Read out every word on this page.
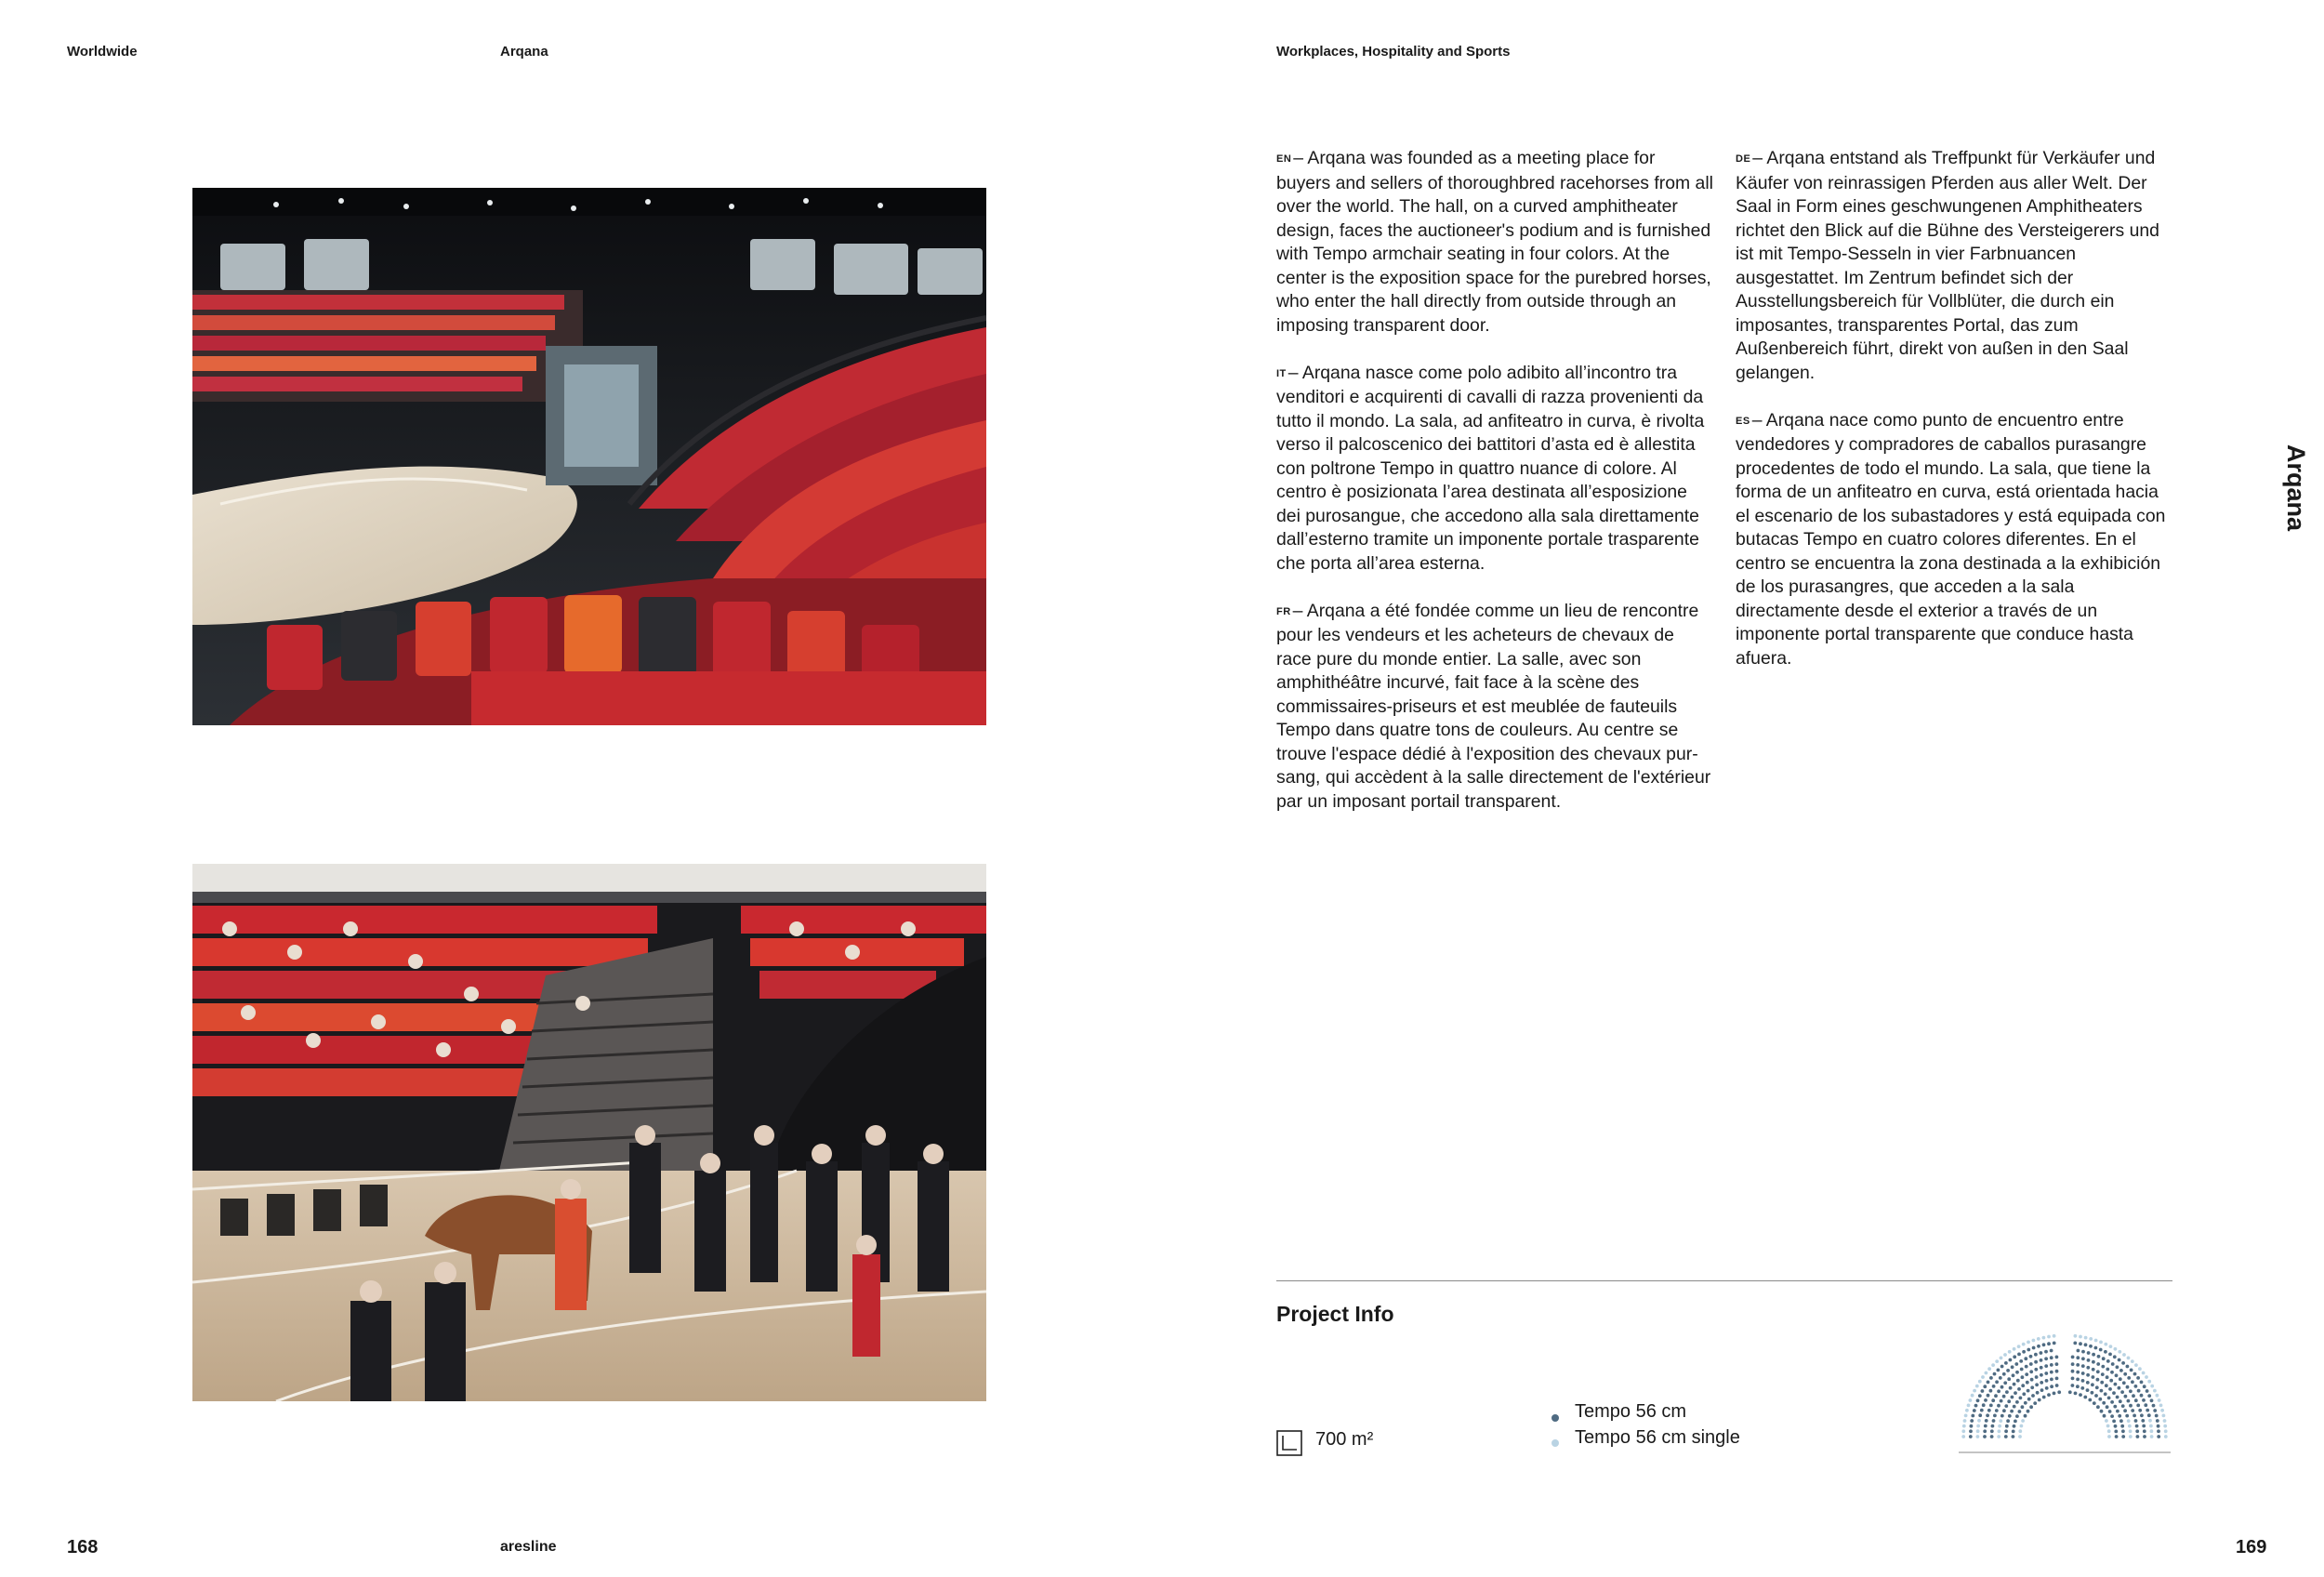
Worldwide	Arqana	Workplaces, Hospitality and Sports

EN – Arqana was founded as a meeting place for buyers and sellers of thoroughbred racehorses from all over the world. The hall, on a curved amphitheater design, faces the auctioneer's podium and is furnished with Tempo armchair seating in four colors. At the center is the exposition space for the purebred horses, who enter the hall directly from outside through an imposing transparent door.

IT – Arqana nasce come polo adibito all’incontro tra venditori e acquirenti di cavalli di razza provenienti da tutto il mondo. La sala, ad anfiteatro in curva, è rivolta verso il palcoscenico dei battitori d’asta ed è allestita con poltrone Tempo in quattro nuance di colore. Al centro è posizionata l’area destinata all’esposizione dei purosangue, che accedono alla sala direttamente dall’esterno tramite un imponente portale trasparente che porta all’area esterna.

FR – Arqana a été fondée comme un lieu de rencontre pour les vendeurs et les acheteurs de chevaux de race pure du monde entier. La salle, avec son amphithéâtre incurvé, fait face à la scène des commissaires-priseurs et est meublée de fauteuils Tempo dans quatre tons de couleurs. Au centre se trouve l'espace dédié à l'exposition des chevaux pur-sang, qui accèdent à la salle directement de l'extérieur par un imposant portail transparent.

DE – Arqana entstand als Treffpunkt für Verkäufer und Käufer von reinrassigen Pferden aus aller Welt. Der Saal in Form eines geschwungenen Amphitheaters richtet den Blick auf die Bühne des Versteigerers und ist mit Tempo-Sesseln in vier Farbnuancen ausgestattet. Im Zentrum befindet sich der Ausstellungsbereich für Vollblüter, die durch ein imposantes, transparentes Portal, das zum Außenbereich führt, direkt von außen in den Saal gelangen.

ES – Arqana nace como punto de encuentro entre vendedores y compradores de caballos purasangre procedentes de todo el mundo. La sala, que tiene la forma de un anfiteatro en curva, está orientada hacia el escenario de los subastadores y está equipada con butacas Tempo en cuatro colores diferentes. En el centro se encuentra la zona destinada a la exhibición de los purasangres, que acceden a la sala directamente desde el exterior a través de un imponente portal transparente que conduce hasta afuera.

Arqana
Project Info
700 m²
Tempo 56 cm
Tempo 56 cm single
168	aresline	169
